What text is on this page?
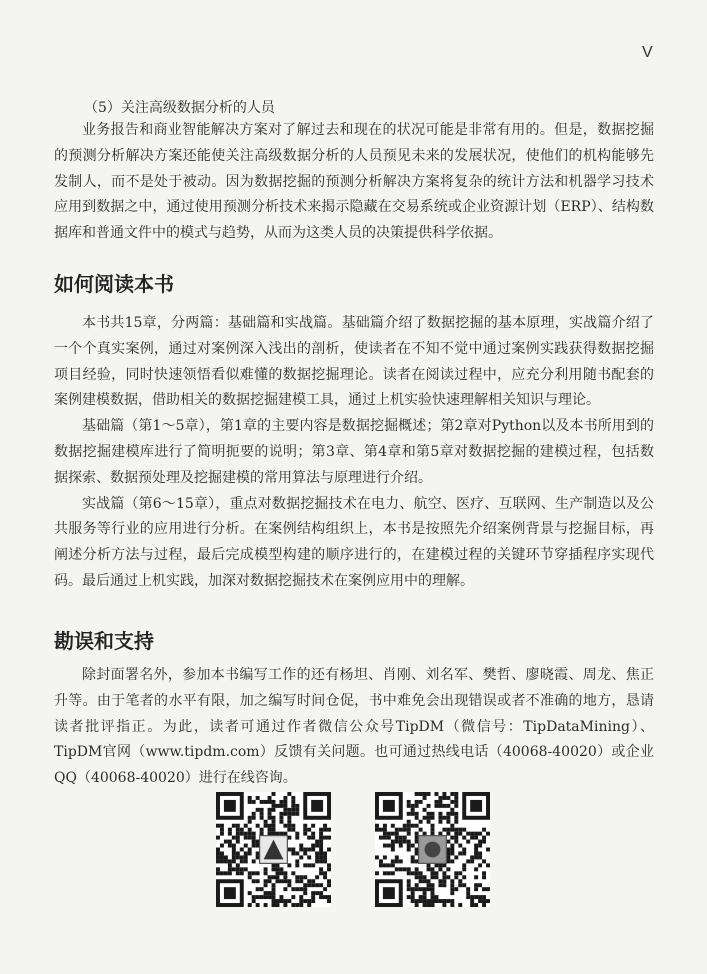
V
（5）关注高级数据分析的人员

业务报告和商业智能解决方案对了解过去和现在的状况可能是非常有用的。但是，数据挖掘的预测分析解决方案还能使关注高级数据分析的人员预见未来的发展状况，使他们的机构能够先发制人，而不是处于被动。因为数据挖掘的预测分析解决方案将复杂的统计方法和机器学习技术应用到数据之中，通过使用预测分析技术来揭示隐藏在交易系统或企业资源计划（ERP）、结构数据库和普通文件中的模式与趋势，从而为这类人员的决策提供科学依据。

如何阅读本书

本书共15章，分两篇：基础篇和实战篇。基础篇介绍了数据挖掘的基本原理，实战篇介绍了一个个真实案例，通过对案例深入浅出的剖析，使读者在不知不觉中通过案例实践获得数据挖掘项目经验，同时快速领悟看似难懂的数据挖掘理论。读者在阅读过程中，应充分利用随书配套的案例建模数据，借助相关的数据挖掘建模工具，通过上机实验快速理解相关知识与理论。

基础篇（第1～5章），第1章的主要内容是数据挖掘概述；第2章对Python以及本书所用到的数据挖掘建模库进行了简明扼要的说明；第3章、第4章和第5章对数据挖掘的建模过程，包括数据探索、数据预处理及挖掘建模的常用算法与原理进行介绍。

实战篇（第6～15章），重点对数据挖掘技术在电力、航空、医疗、互联网、生产制造以及公共服务等行业的应用进行分析。在案例结构组织上，本书是按照先介绍案例背景与挖掘目标，再阐述分析方法与过程，最后完成模型构建的顺序进行的，在建模过程的关键环节穿插程序实现代码。最后通过上机实践，加深对数据挖掘技术在案例应用中的理解。

勘误和支持

除封面署名外，参加本书编写工作的还有杨坦、肖刚、刘名军、樊哲、廖晓霞、周龙、焦正升等。由于笔者的水平有限，加之编写时间仓促，书中难免会出现错误或者不准确的地方，恳请读者批评指正。为此，读者可通过作者微信公众号TipDM（微信号：TipDataMining）、TipDM官网（www.tipdm.com）反馈有关问题。也可通过热线电话（40068-40020）或企业QQ（40068-40020）进行在线咨询。
